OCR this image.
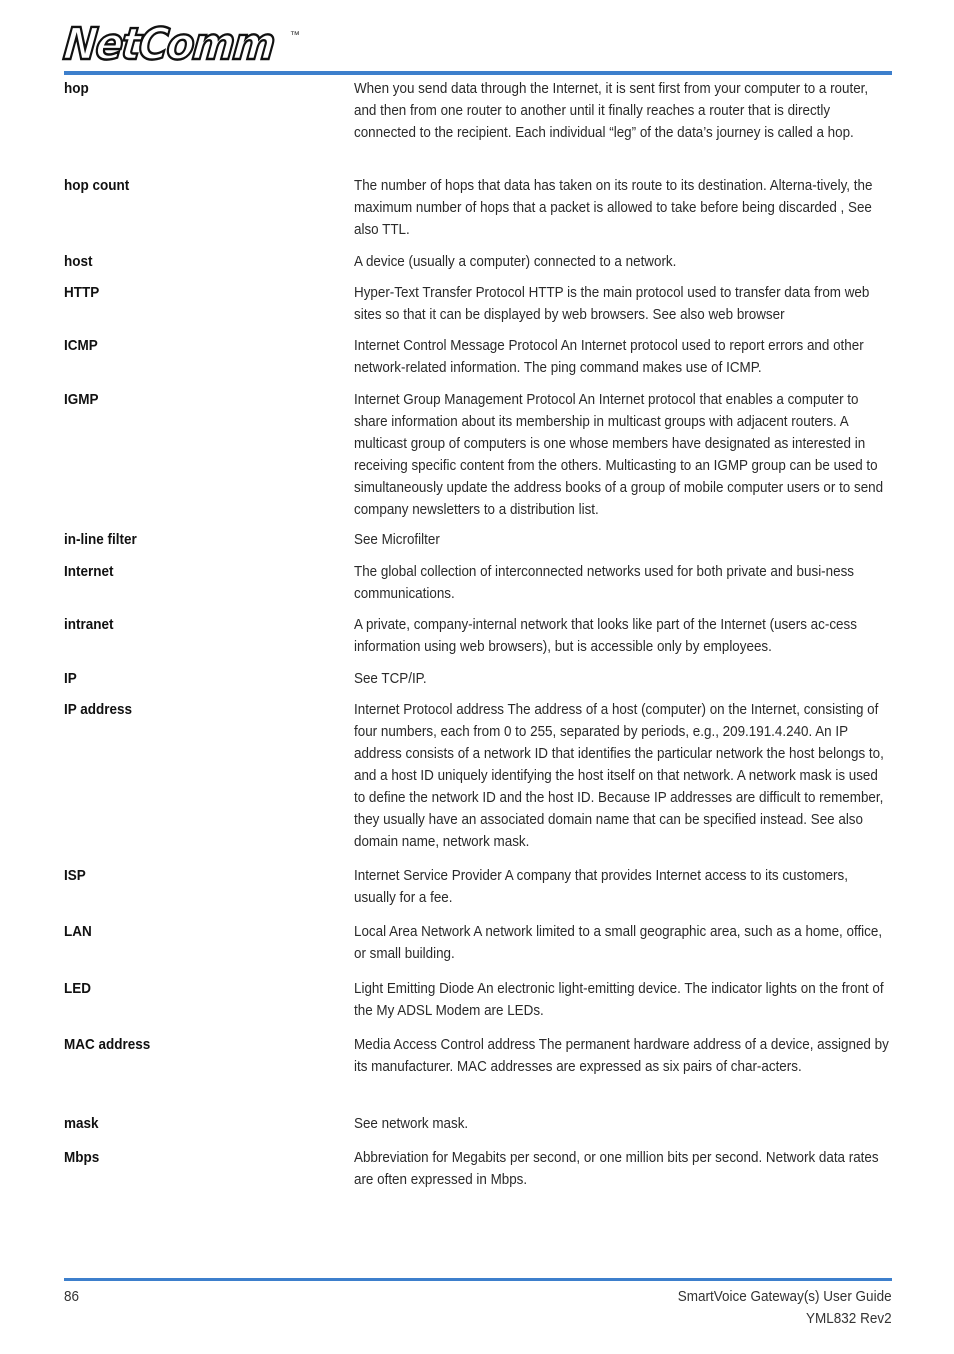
NetComm ™
hop	When you send data through the Internet, it is sent first from your computer to a router, and then from one router to another until it finally reaches a router that is directly connected to the recipient. Each individual “leg” of the data’s journey is called a hop.
hop count	The number of hops that data has taken on its route to its destination. Alterna-tively, the maximum number of hops that a packet is allowed to take before being discarded , See also TTL.
host	A device (usually a computer) connected to a network.
HTTP	Hyper-Text Transfer Protocol HTTP is the main protocol used to transfer data from web sites so that it can be displayed by web browsers. See also web browser
ICMP	Internet Control Message Protocol An Internet protocol used to report errors and other network-related information. The ping command makes use of ICMP.
IGMP	Internet Group Management Protocol An Internet protocol that enables a computer to share information about its membership in multicast groups with adjacent routers. A multicast group of computers is one whose members have designated as interested in receiving specific content from the others. Multicasting to an IGMP group can be used to simultaneously update the address books of a group of mobile computer users or to send company newsletters to a distribution list.
in-line filter	See Microfilter
Internet	The global collection of interconnected networks used for both private and busi-ness communications.
intranet	A private, company-internal network that looks like part of the Internet (users ac-cess information using web browsers), but is accessible only by employees.
IP	See TCP/IP.
IP address	Internet Protocol address The address of a host (computer) on the Internet, consisting of four numbers, each from 0 to 255, separated by periods, e.g., 209.191.4.240. An IP address consists of a network ID that identifies the particular network the host belongs to, and a host ID uniquely identifying the host itself on that network. A network mask is used to define the network ID and the host ID. Because IP addresses are difficult to remember, they usually have an associated domain name that can be specified instead. See also domain name, network mask.
ISP	Internet Service Provider A company that provides Internet access to its customers, usually for a fee.
LAN	Local Area Network A network limited to a small geographic area, such as a home, office, or small building.
LED	Light Emitting Diode An electronic light-emitting device. The indicator lights on the front of the My ADSL Modem are LEDs.
MAC address	Media Access Control address The permanent hardware address of a device, assigned by its manufacturer. MAC addresses are expressed as six pairs of char-acters.
mask	See network mask.
Mbps	Abbreviation for Megabits per second, or one million bits per second. Network data rates are often expressed in Mbps.
86	SmartVoice Gateway(s) User Guide
YML832 Rev2
